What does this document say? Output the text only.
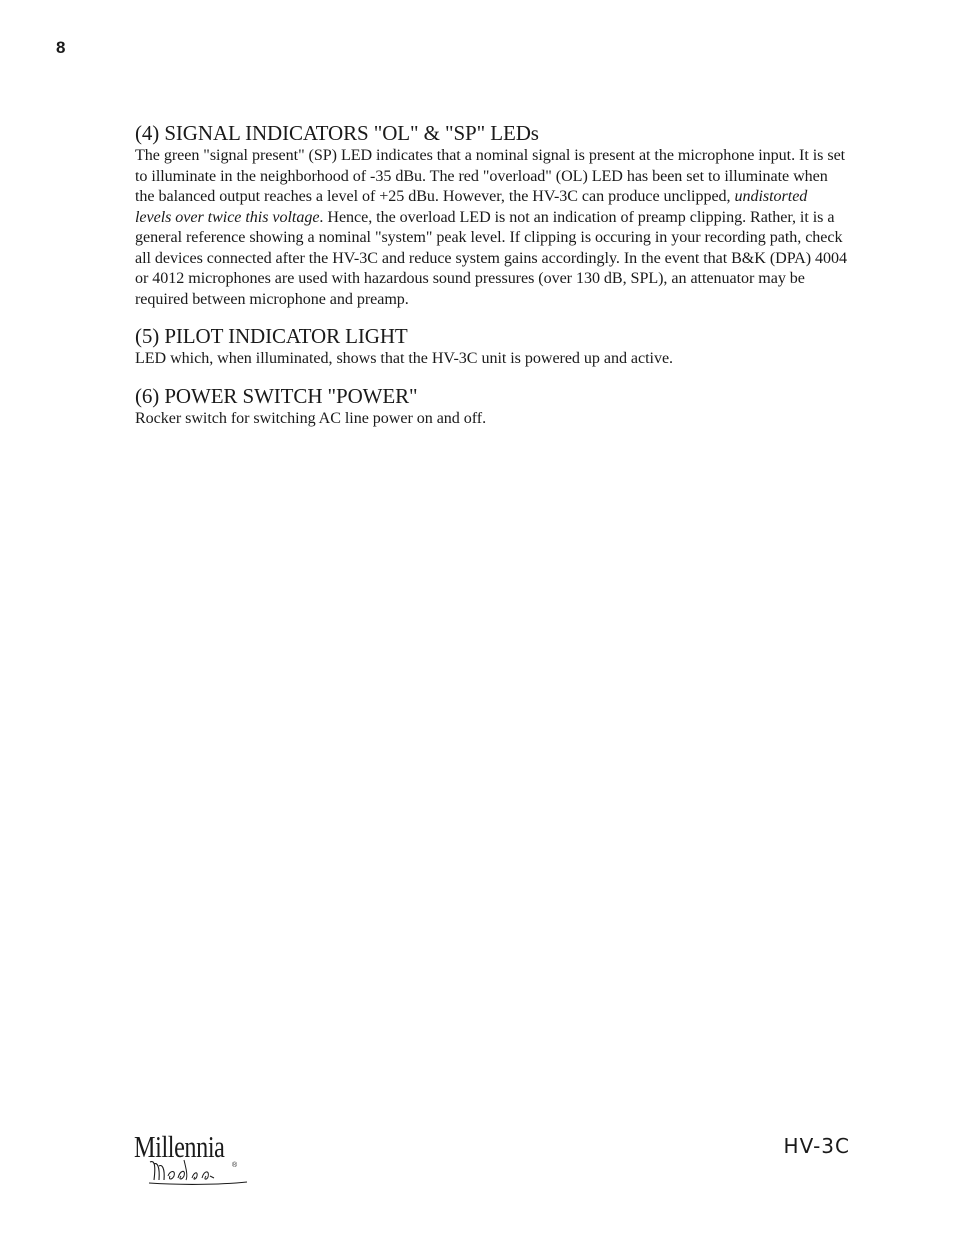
8
(4) SIGNAL INDICATORS "OL" & "SP" LEDs

The green "signal present" (SP) LED indicates that a nominal signal is present at the microphone input. It is set to illuminate in the neighborhood of -35 dBu. The red "overload" (OL) LED has been set to illuminate when the balanced output reaches a level of +25 dBu. However, the HV-3C can produce unclipped, undistorted levels over twice this voltage. Hence, the overload LED is not an indication of preamp clipping. Rather, it is a general reference showing a nominal "system" peak level. If clipping is occuring in your recording path, check all devices connected after the HV-3C and reduce system gains accordingly. In the event that B&K (DPA) 4004 or 4012 microphones are used with hazardous sound pressures (over 130 dB, SPL), an attenuator may be required between microphone and preamp.

(5) PILOT INDICATOR LIGHT

LED which, when illuminated, shows that the HV-3C unit is powered up and active.

(6) POWER SWITCH "POWER"

Rocker switch for switching AC line power on and off.

Millennia
®
HV-3C
